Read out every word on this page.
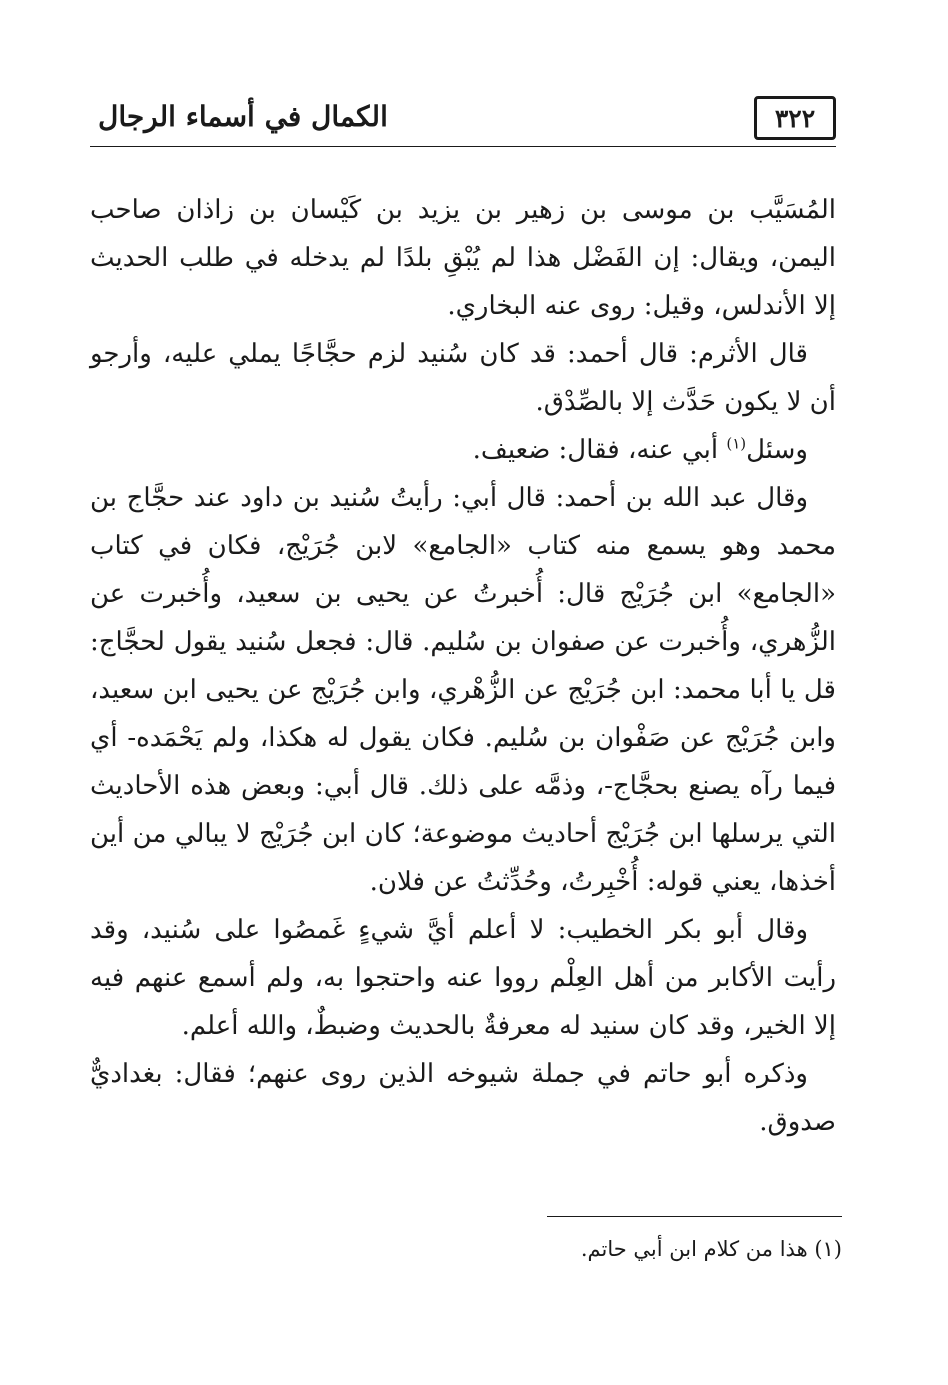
٣٢٢
الكمال في أسماء الرجال

المُسَيَّب بن موسى بن زهير بن يزيد بن كَيْسان بن زاذان صاحب اليمن، ويقال: إن الفَضْل هذا لم يُبْقِ بلدًا لم يدخله في طلب الحديث إلا الأندلس، وقيل: روى عنه البخاري.

قال الأثرم: قال أحمد: قد كان سُنيد لزم حجَّاجًا يملي عليه، وأرجو أن لا يكون حَدَّث إلا بالصِّدْق.

وسئل$^{(١)}$ أبي عنه، فقال: ضعيف.

وقال عبد الله بن أحمد: قال أبي: رأيتُ سُنيد بن داود عند حجَّاج بن محمد وهو يسمع منه كتاب «الجامع» لابن جُرَيْج، فكان في كتاب «الجامع» ابن جُرَيْج قال: أُخبرتُ عن يحيى بن سعيد، وأُخبرت عن الزُّهري، وأُخبرت عن صفوان بن سُليم. قال: فجعل سُنيد يقول لحجَّاج: قل يا أبا محمد: ابن جُرَيْج عن الزُّهْري، وابن جُرَيْج عن يحيى ابن سعيد، وابن جُرَيْج عن صَفْوان بن سُليم. فكان يقول له هكذا، ولم يَحْمَده- أي فيما رآه يصنع بحجَّاج-، وذمَّه على ذلك. قال أبي: وبعض هذه الأحاديث التي يرسلها ابن جُرَيْج أحاديث موضوعة؛ كان ابن جُرَيْج لا يبالي من أين أخذها، يعني قوله: أُخْبِرتُ، وحُدِّثتُ عن فلان.

وقال أبو بكر الخطيب: لا أعلم أيَّ شيءٍ غَمصُوا على سُنيد، وقد رأيت الأكابر من أهل العِلْم رووا عنه واحتجوا به، ولم أسمع عنهم فيه إلا الخير، وقد كان سنيد له معرفةٌ بالحديث وضبطٌ، والله أعلم.

وذكره أبو حاتم في جملة شيوخه الذين روى عنهم؛ فقال: بغداديٌّ صدوق.

(١) هذا من كلام ابن أبي حاتم.
